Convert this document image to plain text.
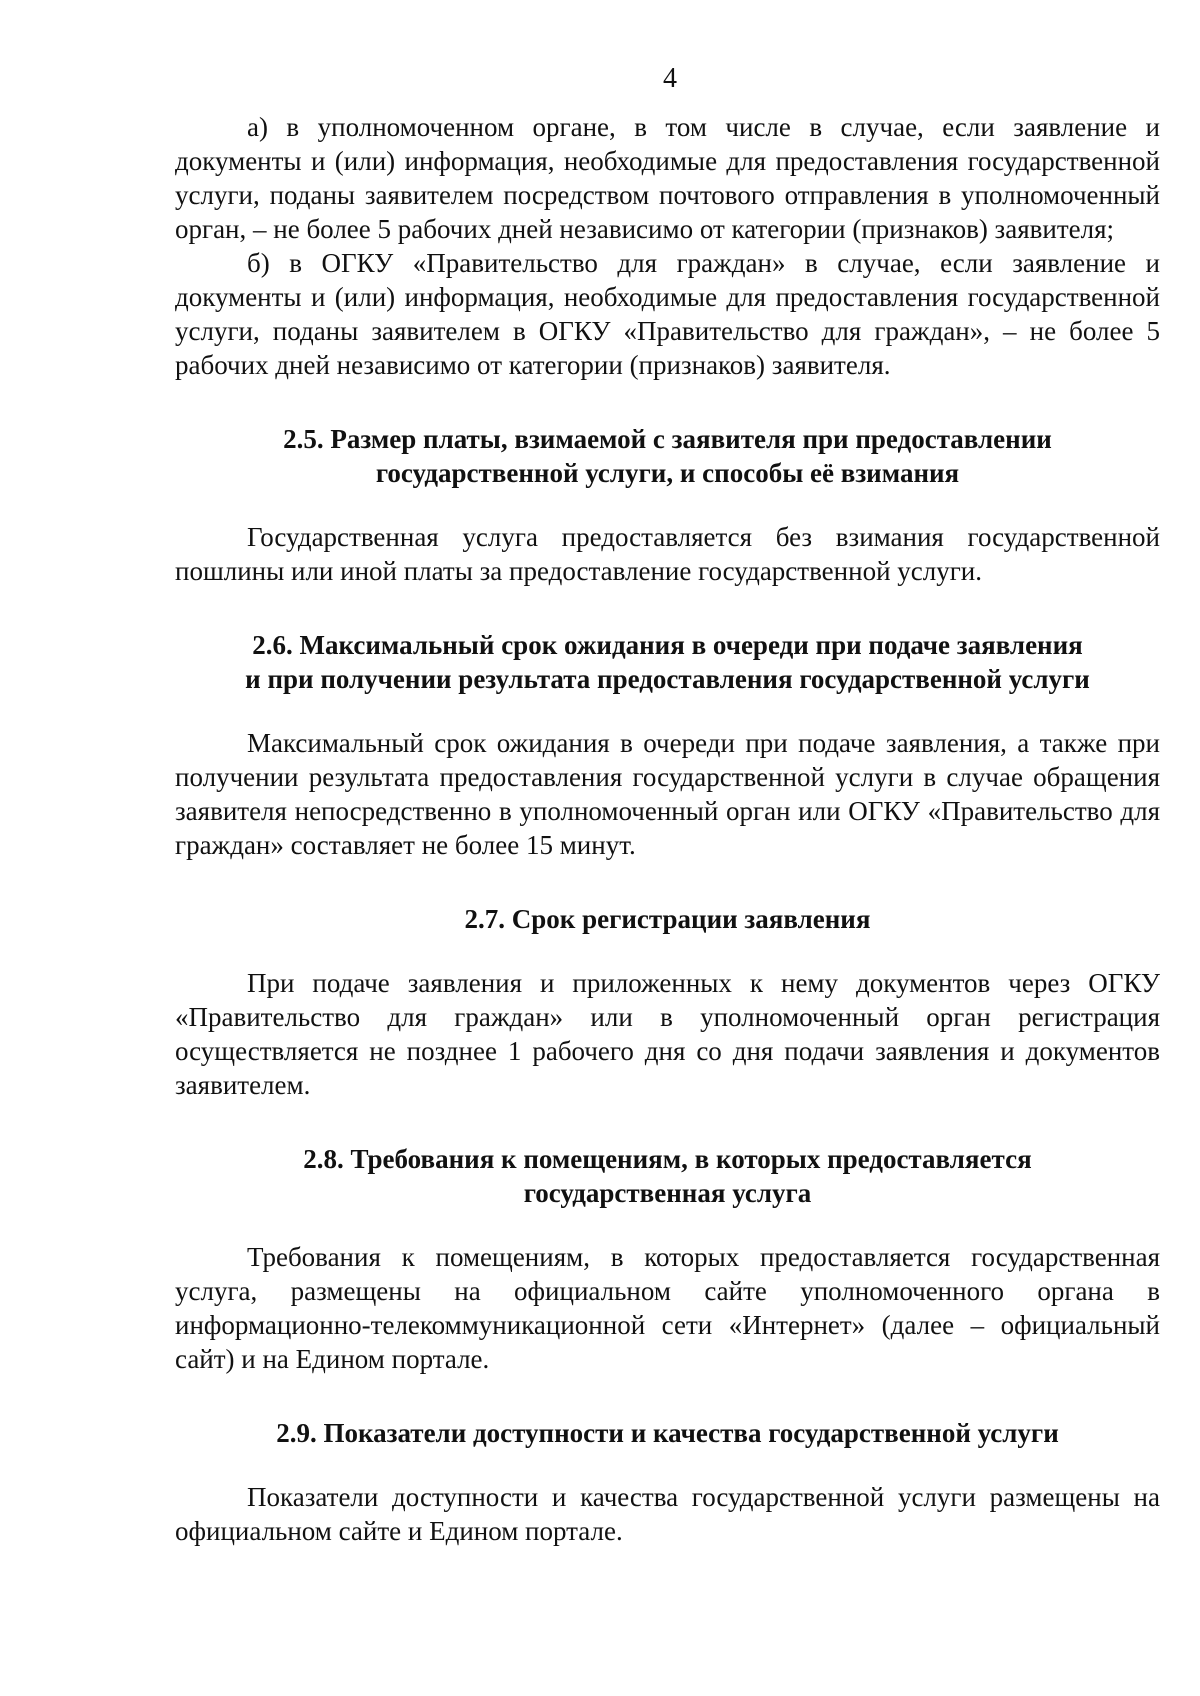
4

а) в уполномоченном органе, в том числе в случае, если заявление и документы и (или) информация, необходимые для предоставления государственной услуги, поданы заявителем посредством почтового отправления в уполномоченный орган, – не более 5 рабочих дней независимо от категории (признаков) заявителя;

б) в ОГКУ «Правительство для граждан» в случае, если заявление и документы и (или) информация, необходимые для предоставления государственной услуги, поданы заявителем в ОГКУ «Правительство для граждан», – не более 5 рабочих дней независимо от категории (признаков) заявителя.

2.5. Размер платы, взимаемой с заявителя при предоставлении
государственной услуги, и способы её взимания

Государственная услуга предоставляется без взимания государственной пошлины или иной платы за предоставление государственной услуги.

2.6. Максимальный срок ожидания в очереди при подаче заявления
и при получении результата предоставления государственной услуги

Максимальный срок ожидания в очереди при подаче заявления, а также при получении результата предоставления государственной услуги в случае обращения заявителя непосредственно в уполномоченный орган или ОГКУ «Правительство для граждан» составляет не более 15 минут.

2.7. Срок регистрации заявления

При подаче заявления и приложенных к нему документов через ОГКУ «Правительство для граждан» или в уполномоченный орган регистрация осуществляется не позднее 1 рабочего дня со дня подачи заявления и документов заявителем.

2.8. Требования к помещениям, в которых предоставляется
государственная услуга

Требования к помещениям, в которых предоставляется государственная услуга, размещены на официальном сайте уполномоченного органа в информационно-телекоммуникационной сети «Интернет» (далее – официальный сайт) и на Едином портале.

2.9. Показатели доступности и качества государственной услуги

Показатели доступности и качества государственной услуги размещены на официальном сайте и Едином портале.
